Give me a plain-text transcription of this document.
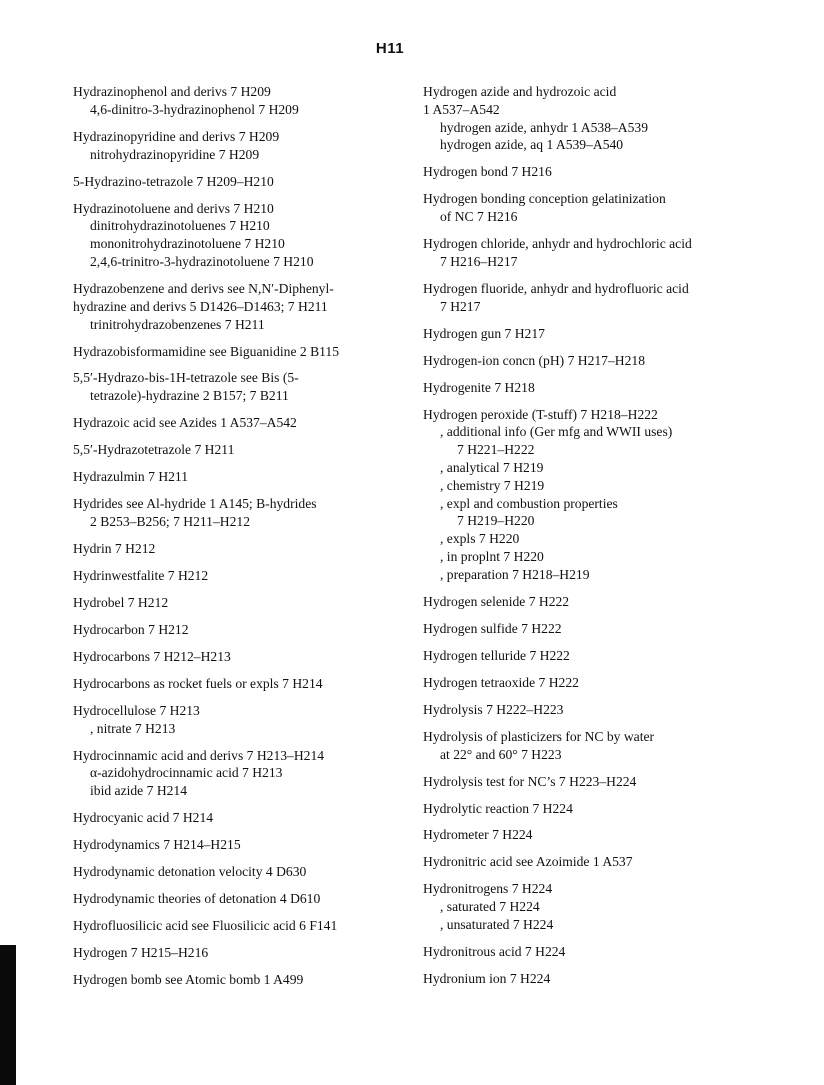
H11
Hydrazinophenol and derivs 7 H209
4,6-dinitro-3-hydrazinophenol 7 H209
Hydrazinopyridine and derivs 7 H209
nitrohydrazinopyridine 7 H209
5-Hydrazino-tetrazole 7 H209–H210
Hydrazinotoluene and derivs 7 H210
dinitrohydrazinotoluenes 7 H210
mononitrohydrazinotoluene 7 H210
2,4,6-trinitro-3-hydrazinotoluene 7 H210
Hydrazobenzene and derivs see N,N′-Diphenyl-
hydrazine and derivs 5 D1426–D1463; 7 H211
trinitrohydrazobenzenes 7 H211
Hydrazobisformamidine see Biguanidine 2 B115
5,5′-Hydrazo-bis-1H-tetrazole see Bis (5-
tetrazole)-hydrazine 2 B157; 7 B211
Hydrazoic acid see Azides 1 A537–A542
5,5′-Hydrazotetrazole 7 H211
Hydrazulmin 7 H211
Hydrides see Al-hydride 1 A145; B-hydrides
2 B253–B256; 7 H211–H212
Hydrin 7 H212
Hydrinwestfalite 7 H212
Hydrobel 7 H212
Hydrocarbon 7 H212
Hydrocarbons 7 H212–H213
Hydrocarbons as rocket fuels or expls 7 H214
Hydrocellulose 7 H213
, nitrate 7 H213
Hydrocinnamic acid and derivs 7 H213–H214
α-azidohydrocinnamic acid 7 H213
ibid azide 7 H214
Hydrocyanic acid 7 H214
Hydrodynamics 7 H214–H215
Hydrodynamic detonation velocity 4 D630
Hydrodynamic theories of detonation 4 D610
Hydrofluosilicic acid see Fluosilicic acid 6 F141
Hydrogen 7 H215–H216
Hydrogen bomb see Atomic bomb 1 A499
Hydrogen azide and hydrozoic acid
1 A537–A542
hydrogen azide, anhydr 1 A538–A539
hydrogen azide, aq 1 A539–A540
Hydrogen bond 7 H216
Hydrogen bonding conception gelatinization
of NC 7 H216
Hydrogen chloride, anhydr and hydrochloric acid
7 H216–H217
Hydrogen fluoride, anhydr and hydrofluoric acid
7 H217
Hydrogen gun 7 H217
Hydrogen-ion concn (pH) 7 H217–H218
Hydrogenite 7 H218
Hydrogen peroxide (T-stuff) 7 H218–H222
, additional info (Ger mfg and WWII uses)
7 H221–H222
, analytical 7 H219
, chemistry 7 H219
, expl and combustion properties
7 H219–H220
, expls 7 H220
, in proplnt 7 H220
, preparation 7 H218–H219
Hydrogen selenide 7 H222
Hydrogen sulfide 7 H222
Hydrogen telluride 7 H222
Hydrogen tetraoxide 7 H222
Hydrolysis 7 H222–H223
Hydrolysis of plasticizers for NC by water
at 22° and 60° 7 H223
Hydrolysis test for NC’s 7 H223–H224
Hydrolytic reaction 7 H224
Hydrometer 7 H224
Hydronitric acid see Azoimide 1 A537
Hydronitrogens 7 H224
, saturated 7 H224
, unsaturated 7 H224
Hydronitrous acid 7 H224
Hydronium ion 7 H224
